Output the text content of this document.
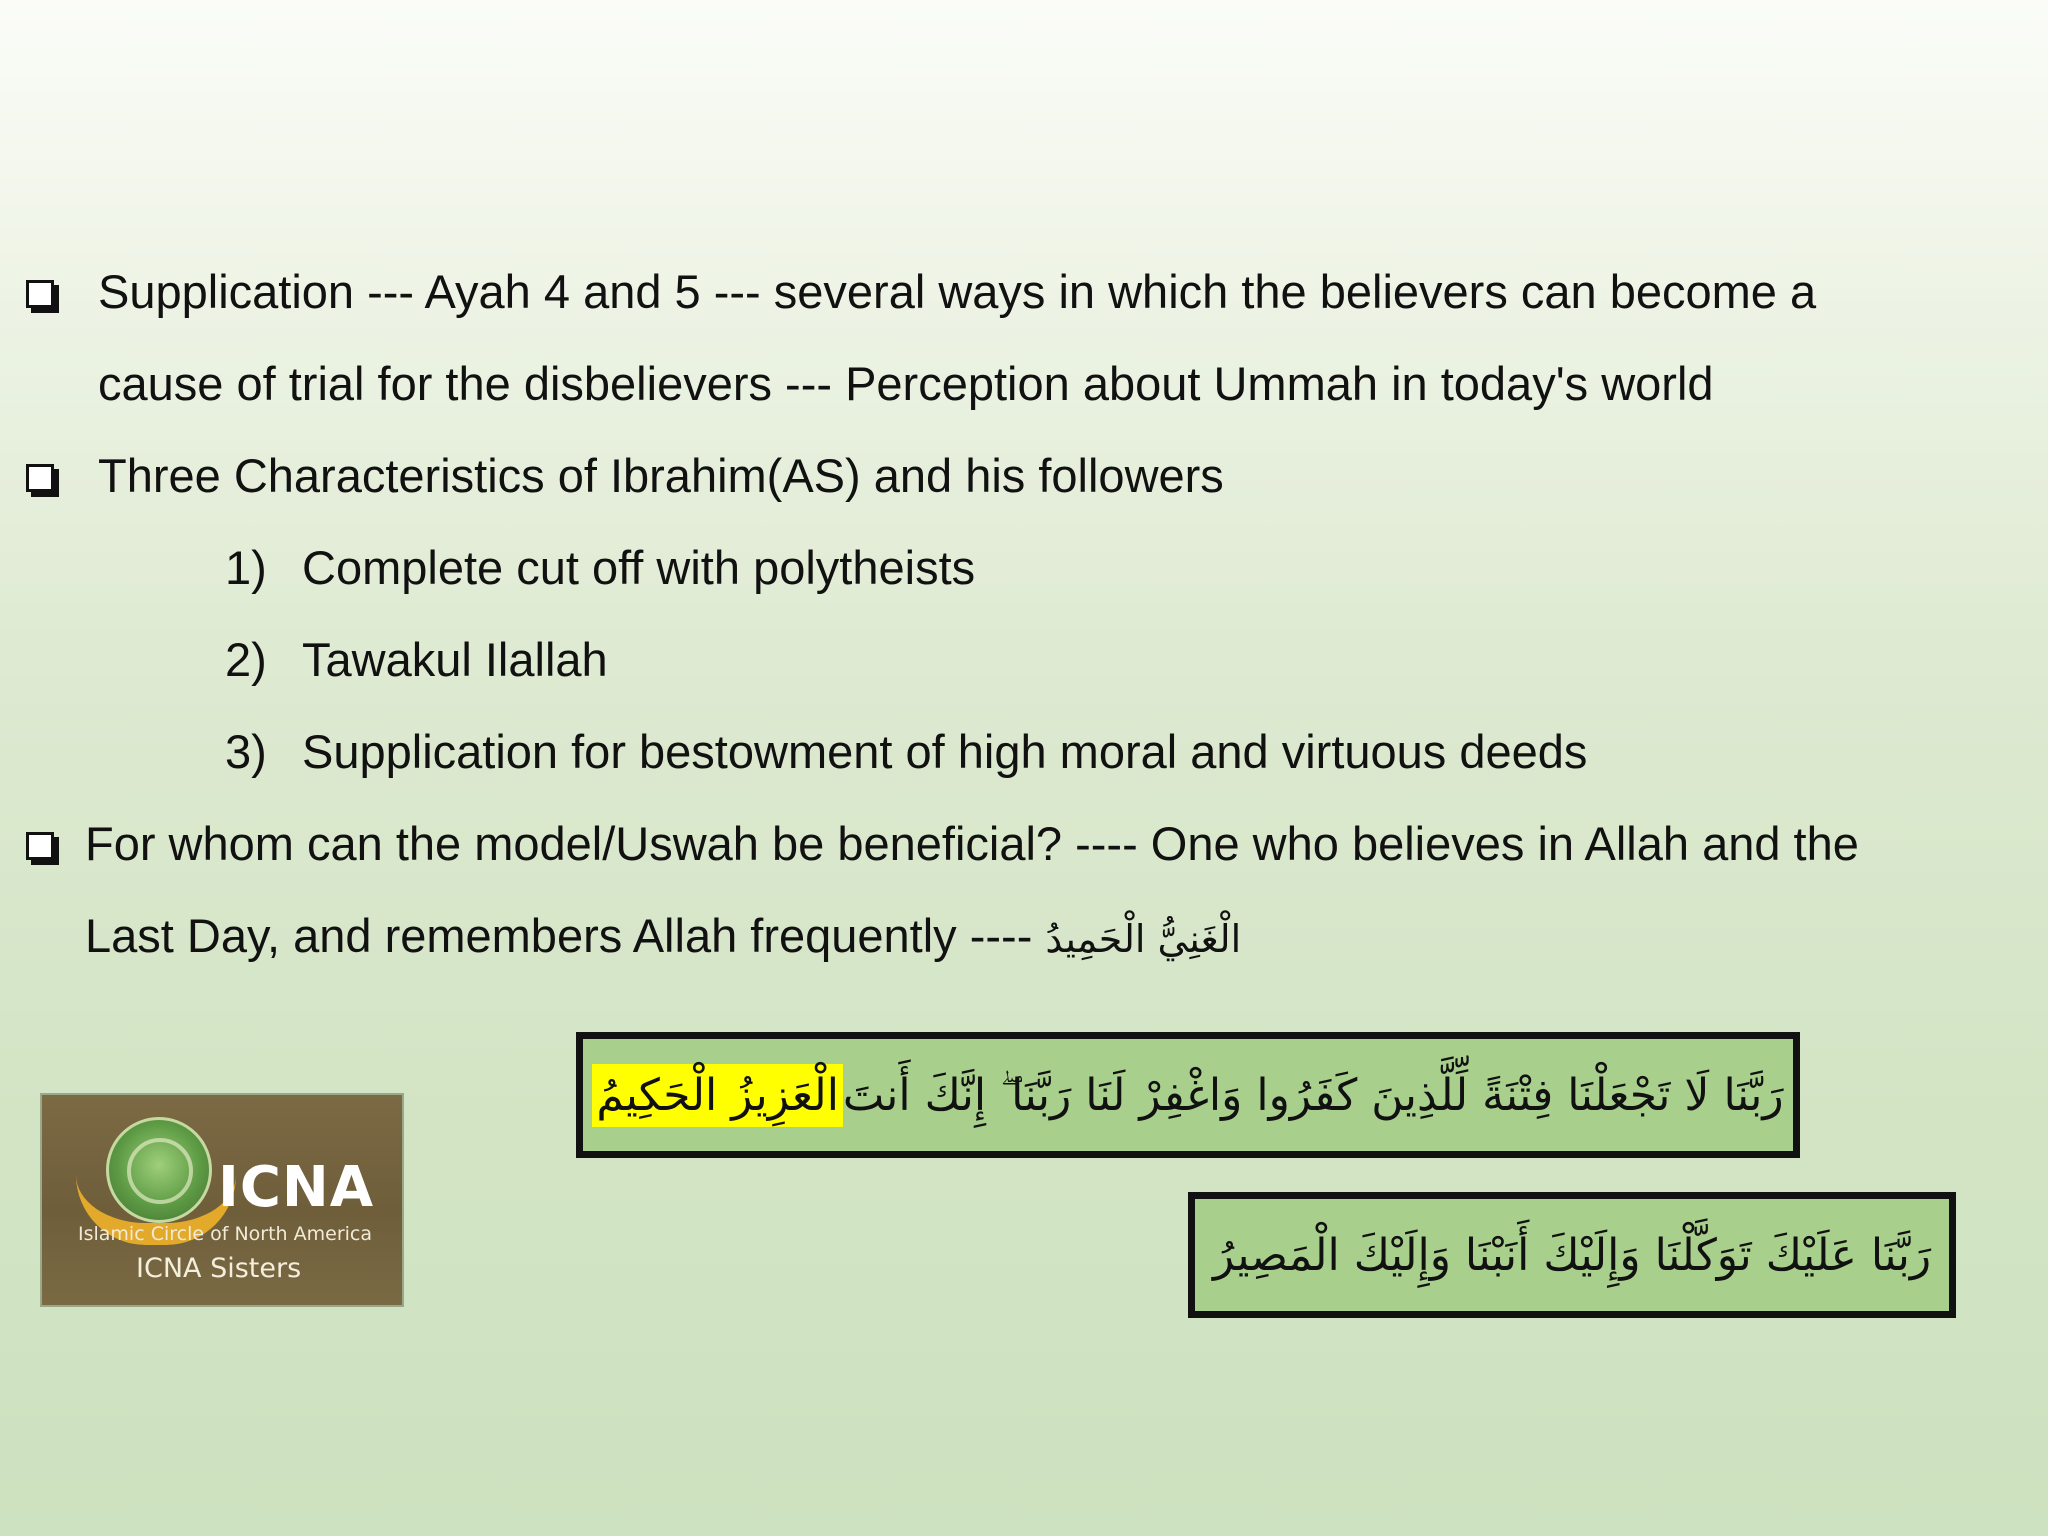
Supplication --- Ayah 4 and 5 --- several ways in which the believers can become a
cause of trial for the disbelievers --- Perception about Ummah in today's world
Three Characteristics of Ibrahim(AS) and his followers
1) Complete cut off with polytheists
2) Tawakul Ilallah
3) Supplication for bestowment of high moral and virtuous deeds
For whom can the model/Uswah be beneficial? ---- One who believes in Allah and the
Last Day, and remembers Allah frequently ---- الْغَنِيُّ الْحَمِيدُ
رَبَّنَا لَا تَجْعَلْنَا فِتْنَةً لِّلَّذِينَ كَفَرُوا وَاغْفِرْ لَنَا رَبَّنَا ۖ إِنَّكَ أَنتَ
الْعَزِيزُ الْحَكِيمُ
رَبَّنَا عَلَيْكَ تَوَكَّلْنَا وَإِلَيْكَ أَنَبْنَا وَإِلَيْكَ الْمَصِيرُ
ICNA
Islamic Circle of North America
ICNA Sisters
